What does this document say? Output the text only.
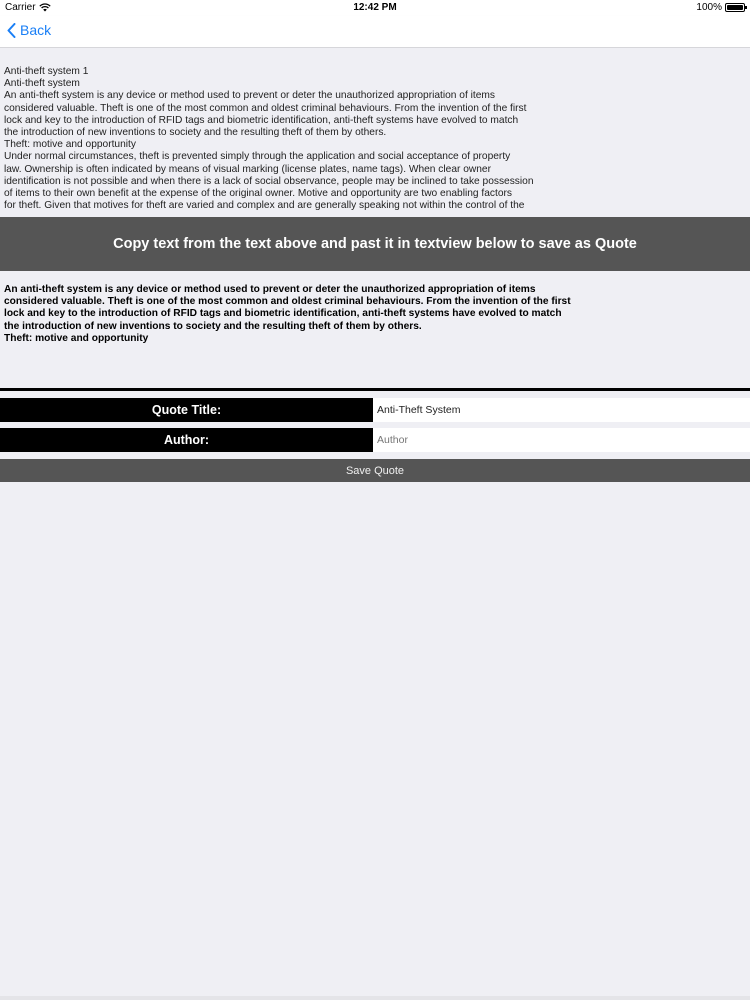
Carrier	12:42 PM	100%
Back
Anti-theft system 1
Anti-theft system
An anti-theft system is any device or method used to prevent or deter the unauthorized appropriation of items
considered valuable. Theft is one of the most common and oldest criminal behaviours. From the invention of the first
lock and key to the introduction of RFID tags and biometric identification, anti-theft systems have evolved to match
the introduction of new inventions to society and the resulting theft of them by others.
Theft: motive and opportunity
Under normal circumstances, theft is prevented simply through the application and social acceptance of property
law. Ownership is often indicated by means of visual marking (license plates, name tags). When clear owner
identification is not possible and when there is a lack of social observance, people may be inclined to take possession
of items to their own benefit at the expense of the original owner. Motive and opportunity are two enabling factors
for theft. Given that motives for theft are varied and complex and are generally speaking not within the control of the
Copy text from the text above and past it in textview below to save as Quote
An anti-theft system is any device or method used to prevent or deter the unauthorized appropriation of items
considered valuable. Theft is one of the most common and oldest criminal behaviours. From the invention of the first
lock and key to the introduction of RFID tags and biometric identification, anti-theft systems have evolved to match
the introduction of new inventions to society and the resulting theft of them by others.
Theft: motive and opportunity
Quote Title:
Anti-Theft System
Author:
Author
Save Quote
